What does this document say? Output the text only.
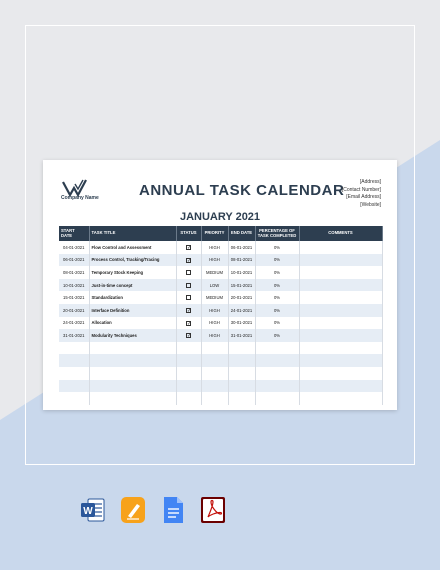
Company Name	ANNUAL TASK CALENDAR	[Address]
[Contact Number]
[Email Address]
[Website]
JANUARY 2021
START DATE	TASK TITLE	STATUS	PRIORITY	END DATE	PERCENTAGE OF TASK COMPLETED	COMMENTS
04-01-2021	Flow Control and Assessment	✓	HIGH	06-01-2021	0%	
06-01-2021	Process Control, Tracking/Tracing	✓	HIGH	08-01-2021	0%	
08-01-2021	Temporary Stock Keeping		MEDIUM	10-01-2021	0%	
10-01-2021	Just-in-time concept		LOW	15-01-2021	0%	
15-01-2021	Standardization		MEDIUM	20-01-2021	0%	
20-01-2021	Interface Definition	✓	HIGH	24-01-2021	0%	
24-01-2021	Allocation	✓	HIGH	30-01-2021	0%	
31-01-2021	Modularity Techniques	✓	HIGH	31-01-2021	0%	

W
